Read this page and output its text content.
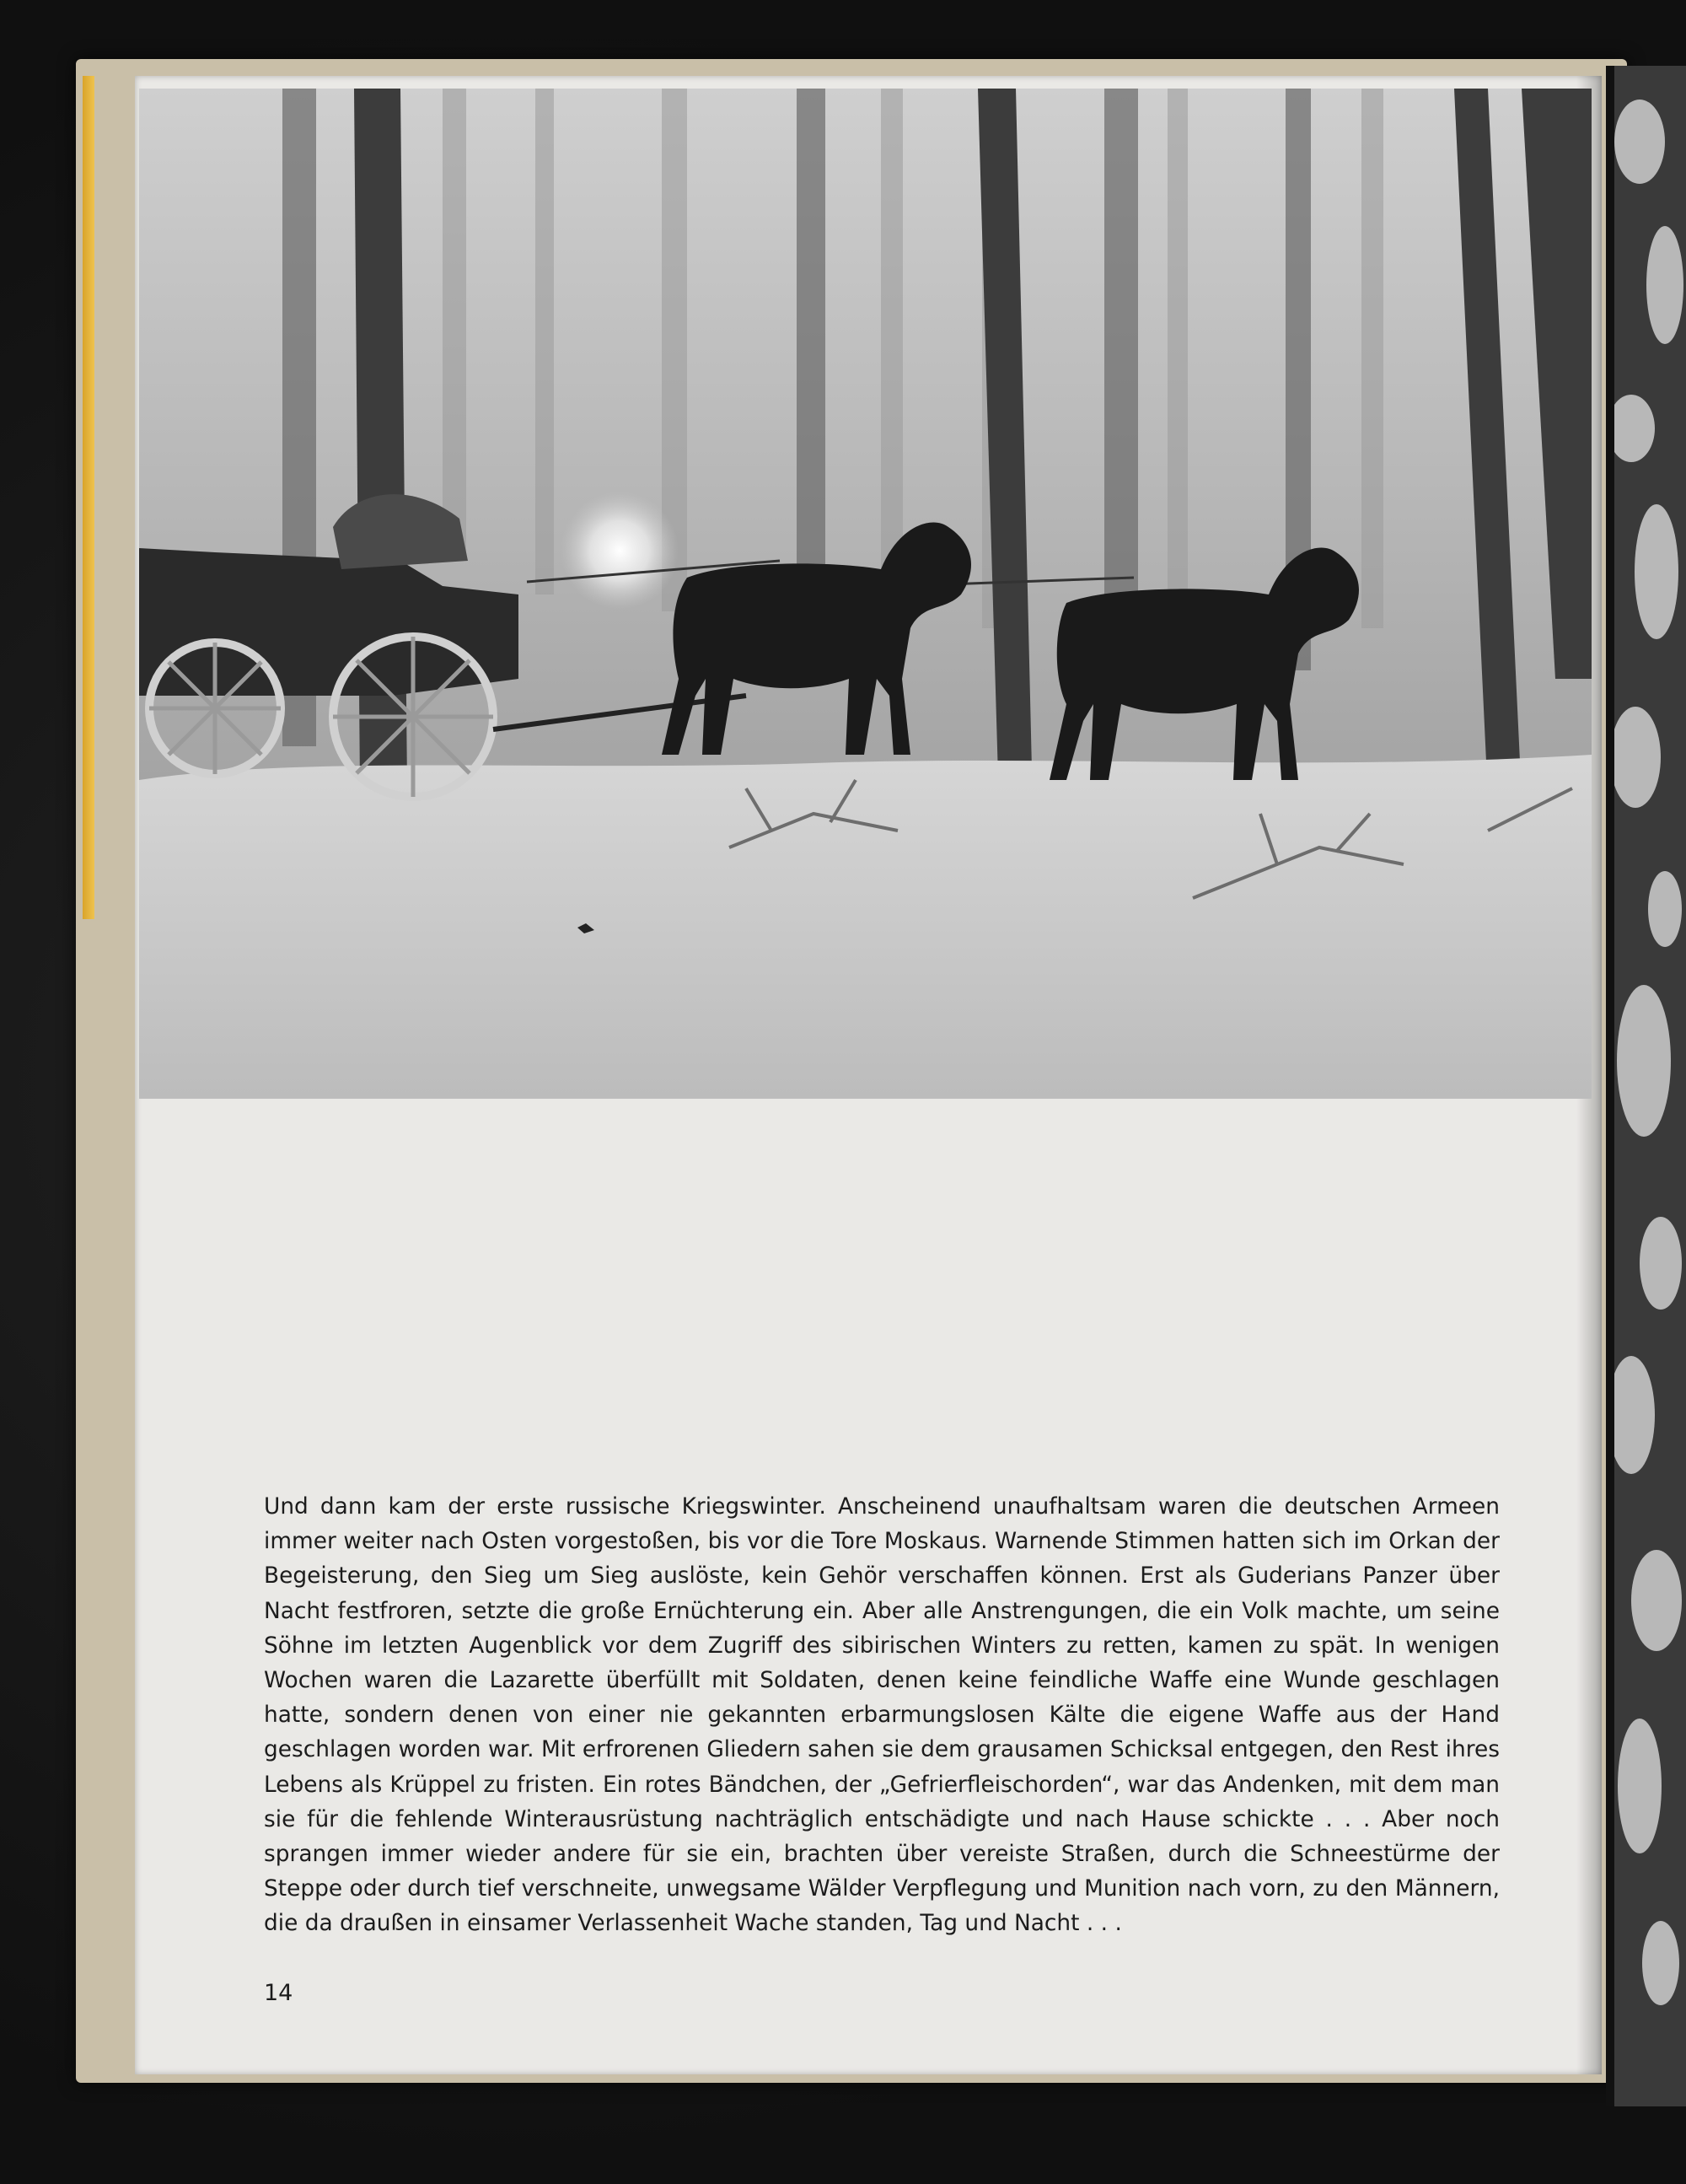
Und dann kam der erste russische Kriegswinter. Anscheinend unaufhaltsam waren die deutschen Armeen immer weiter nach Osten vorgestoßen, bis vor die Tore Moskaus. Warnende Stimmen hatten sich im Orkan der Begeisterung, den Sieg um Sieg auslöste, kein Gehör verschaffen können. Erst als Guderians Panzer über Nacht festfroren, setzte die große Ernüchterung ein. Aber alle Anstrengungen, die ein Volk machte, um seine Söhne im letzten Augenblick vor dem Zugriff des sibirischen Winters zu retten, kamen zu spät. In wenigen Wochen waren die Lazarette überfüllt mit Soldaten, denen keine feindliche Waffe eine Wunde geschlagen hatte, sondern denen von einer nie gekannten erbarmungslosen Kälte die eigene Waffe aus der Hand geschlagen worden war. Mit erfrorenen Gliedern sahen sie dem grausamen Schicksal entgegen, den Rest ihres Lebens als Krüppel zu fristen. Ein rotes Bändchen, der „Gefrierfleischorden“, war das Andenken, mit dem man sie für die fehlende Winterausrüstung nachträglich entschädigte und nach Hause schickte . . . Aber noch sprangen immer wieder andere für sie ein, brachten über vereiste Straßen, durch die Schneestürme der Steppe oder durch tief verschneite, unwegsame Wälder Verpflegung und Munition nach vorn, zu den Männern, die da draußen in einsamer Verlassenheit Wache standen, Tag und Nacht . . .

14
